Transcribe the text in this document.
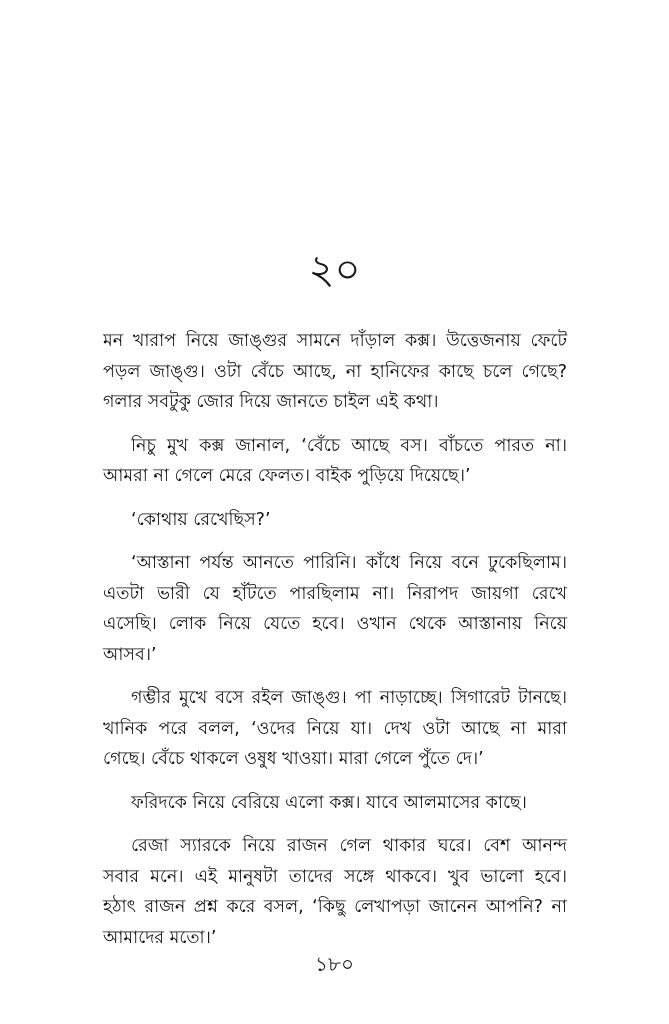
২০

মন খারাপ নিয়ে জাঙ্গুর সামনে দাঁড়াল কক্স। উত্তেজনায় ফেটে
পড়ল জাঙ্গু। ওটা বেঁচে আছে, না হানিফের কাছে চলে গেছে?
গলার সবটুকু জোর দিয়ে জানতে চাইল এই কথা।

নিচু মুখ কক্স জানাল, ‘বেঁচে আছে বস। বাঁচতে পারত না।
আমরা না গেলে মেরে ফেলত। বাইক পুড়িয়ে দিয়েছে।’

‘কোথায় রেখেছিস?’

‘আস্তানা পর্যন্ত আনতে পারিনি। কাঁধে নিয়ে বনে ঢুকেছিলাম।
এতটা ভারী যে হাঁটতে পারছিলাম না। নিরাপদ জায়গা রেখে
এসেছি। লোক নিয়ে যেতে হবে। ওখান থেকে আস্তানায় নিয়ে
আসব।’

গম্ভীর মুখে বসে রইল জাঙ্গু। পা নাড়াচ্ছে। সিগারেট টানছে।
খানিক পরে বলল, ‘ওদের নিয়ে যা। দেখ ওটা আছে না মারা
গেছে। বেঁচে থাকলে ওষুধ খাওয়া। মারা গেলে পুঁতে দে।’

ফরিদকে নিয়ে বেরিয়ে এলো কক্স। যাবে আলমাসের কাছে।

রেজা স্যারকে নিয়ে রাজন গেল থাকার ঘরে। বেশ আনন্দ
সবার মনে। এই মানুষটা তাদের সঙ্গে থাকবে। খুব ভালো হবে।
হঠাৎ রাজন প্রশ্ন করে বসল, ‘কিছু লেখাপড়া জানেন আপনি? না
আমাদের মতো।’

১৮০
